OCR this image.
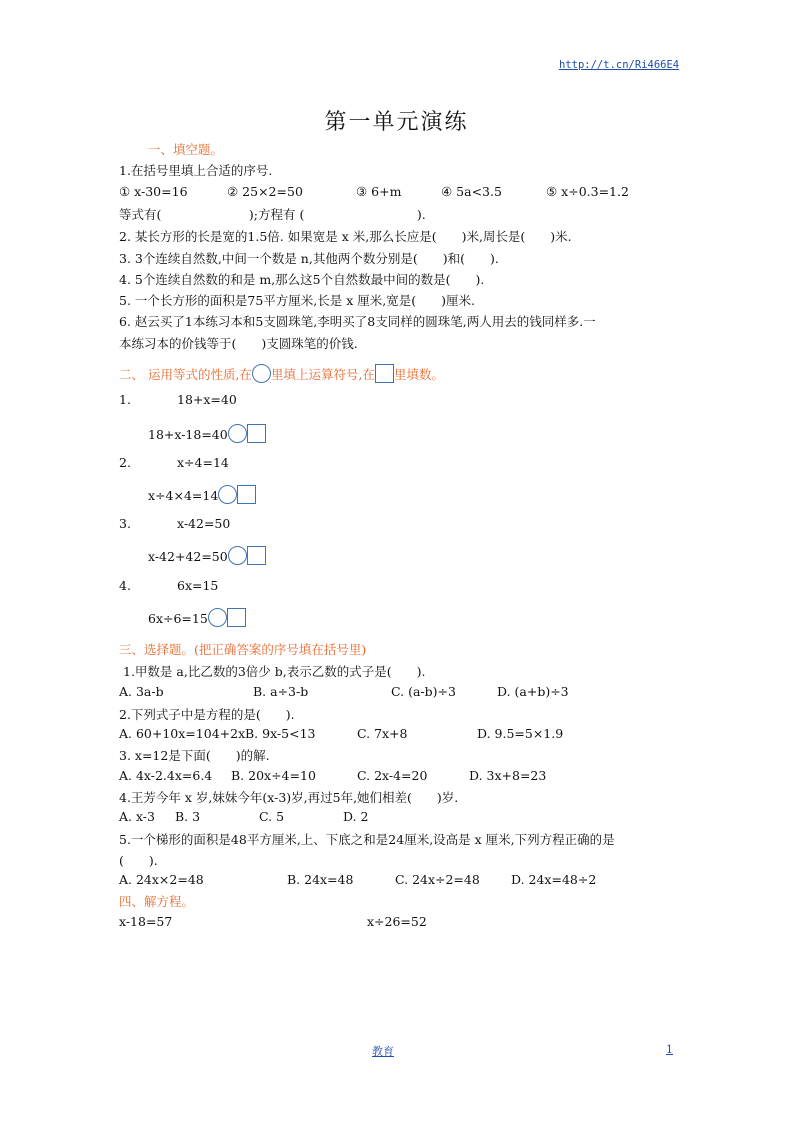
http://t.cn/Ri466E4
第一单元演练
一、填空题。
1.在括号里填上合适的序号.
① x-30=16	② 25×2=50	③ 6+m	④ 5a<3.5	⑤ x÷0.3=1.2
等式有(　　　　　　　);方程有 (　　　　　　　　　).
2. 某长方形的长是宽的1.5倍. 如果宽是 x 米,那么长应是(　　)米,周长是(　　)米.
3. 3个连续自然数,中间一个数是 n,其他两个数分别是(　　)和(　　).
4. 5个连续自然数的和是 m,那么这5个自然数最中间的数是(　　).
5. 一个长方形的面积是75平方厘米,长是 x 厘米,宽是(　　)厘米.
6. 赵云买了1本练习本和5支圆珠笔,李明买了8支同样的圆珠笔,两人用去的钱同样多.一
本练习本的价钱等于(　　)支圆珠笔的价钱.
二、 运用等式的性质,在 里填上运算符号,在 里填数。
1.	18+x=40
18+x-18=40
2.	x÷4=14
x÷4×4=14
3.	x-42=50
x-42+42=50
4.	6x=15
6x÷6=15
三、选择题。(把正确答案的序号填在括号里)
1.甲数是 a,比乙数的3倍少 b,表示乙数的式子是(　　).
A. 3a-b	B. a÷3-b	C. (a-b)÷3	D. (a+b)÷3
2.下列式子中是方程的是(　　).
A. 60+10x=104+2x B. 9x-5<13	C. 7x+8	D. 9.5=5×1.9
3. x=12是下面(　　)的解.
A. 4x-2.4x=6.4 B. 20x÷4=10	C. 2x-4=20	D. 3x+8=23
4.王芳今年 x 岁,妹妹今年(x-3)岁,再过5年,她们相差(　　)岁.
A. x-3 B. 3	C. 5	D. 2
5.一个梯形的面积是48平方厘米,上、下底之和是24厘米,设高是 x 厘米,下列方程正确的是
(　　).
A. 24x×2=48	B. 24x=48	C. 24x÷2=48 D. 24x=48÷2
四、解方程。
x-18=57	x÷26=52
教育	1
